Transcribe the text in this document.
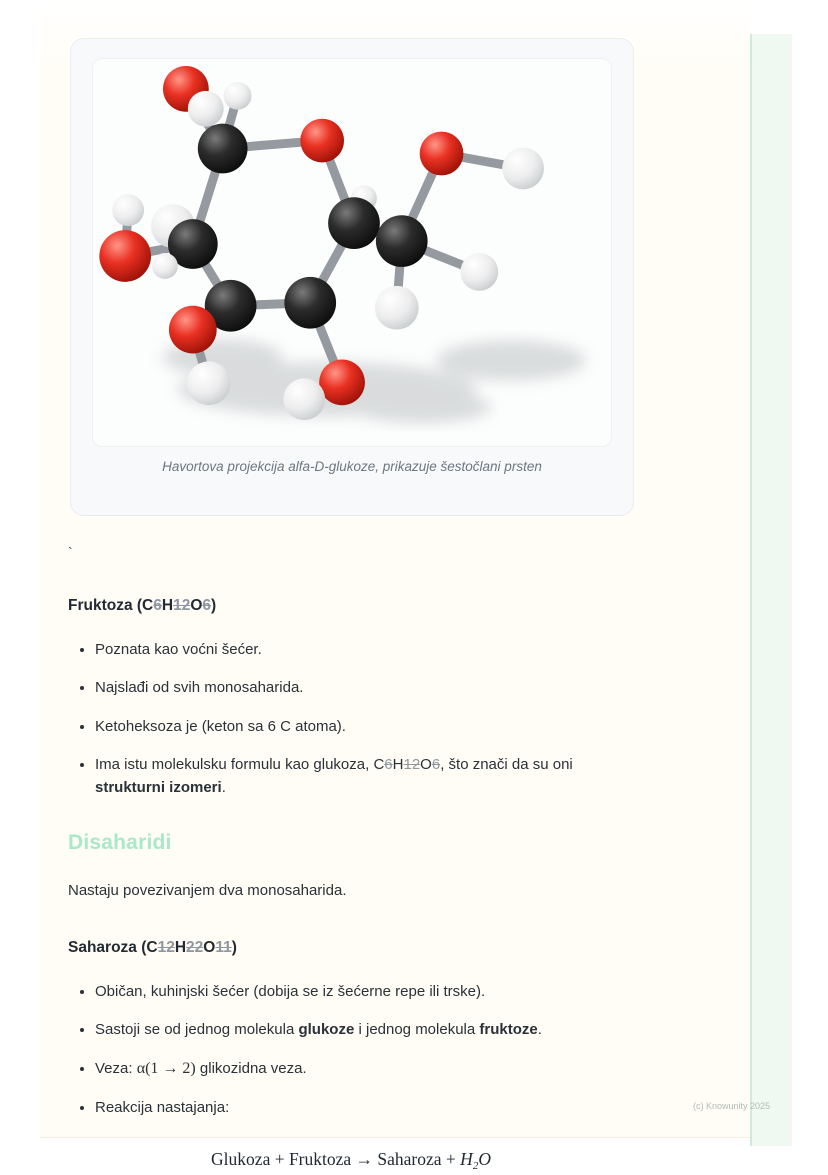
Havortova projekcija alfa-D-glukoze, prikazuje šestočlani prsten
`
Fruktoza (C6H12O6)
• Poznata kao voćni šećer.
• Najslađi od svih monosaharida.
• Ketoheksoza je (keton sa 6 C atoma).
• Ima istu molekulsku formulu kao glukoza, C6H12O6, što znači da su oni strukturni izomeri.
Disaharidi

Nastaju povezivanjem dva monosaharida.

Saharoza (C12H22O11)
• Običan, kuhinjski šećer (dobija se iz šećerne repe ili trske).
• Sastoji se od jednog molekula glukoze i jednog molekula fruktoze.
• Veza: α(1 → 2) glikozidna veza.
• Reakcija nastajanja:
Glukoza + Fruktoza → Saharoza + $H_2O$
(c) Knowunity 2025
